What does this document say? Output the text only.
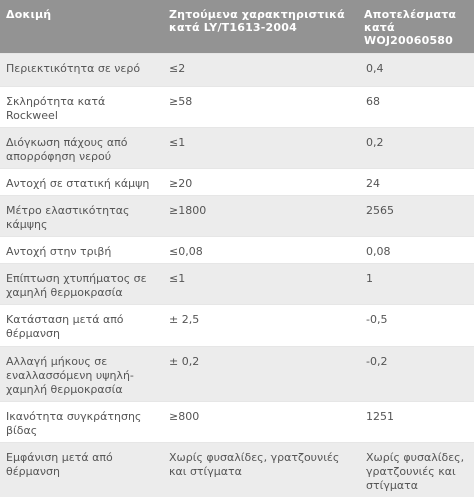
Δοκιμή	Ζητούμενα χαρακτηριστικά κατά LY/T1613-2004	Αποτελέσματα κατά WOJ20060580
Περιεκτικότητα σε νερό	≤2	0,4
Σκληρότητα κατά Rockweel	≥58	68
Διόγκωση πάχους από απορρόφηση νερού	≤1	0,2
Αντοχή σε στατική κάμψη	≥20	24
Μέτρο ελαστικότητας κάμψης	≥1800	2565
Αντοχή στην τριβή	≤0,08	0,08
Επίπτωση χτυπήματος σε χαμηλή θερμοκρασία	≤1	1
Κατάσταση μετά από θέρμανση	± 2,5	-0,5
Αλλαγή μήκους σε εναλλασσόμενη υψηλή-χαμηλή θερμοκρασία	± 0,2	-0,2
Ικανότητα συγκράτησης βίδας	≥800	1251
Εμφάνιση μετά από θέρμανση	Χωρίς φυσαλίδες, γρατζουνιές και στίγματα	Χωρίς φυσαλίδες, γρατζουνιές και στίγματα
